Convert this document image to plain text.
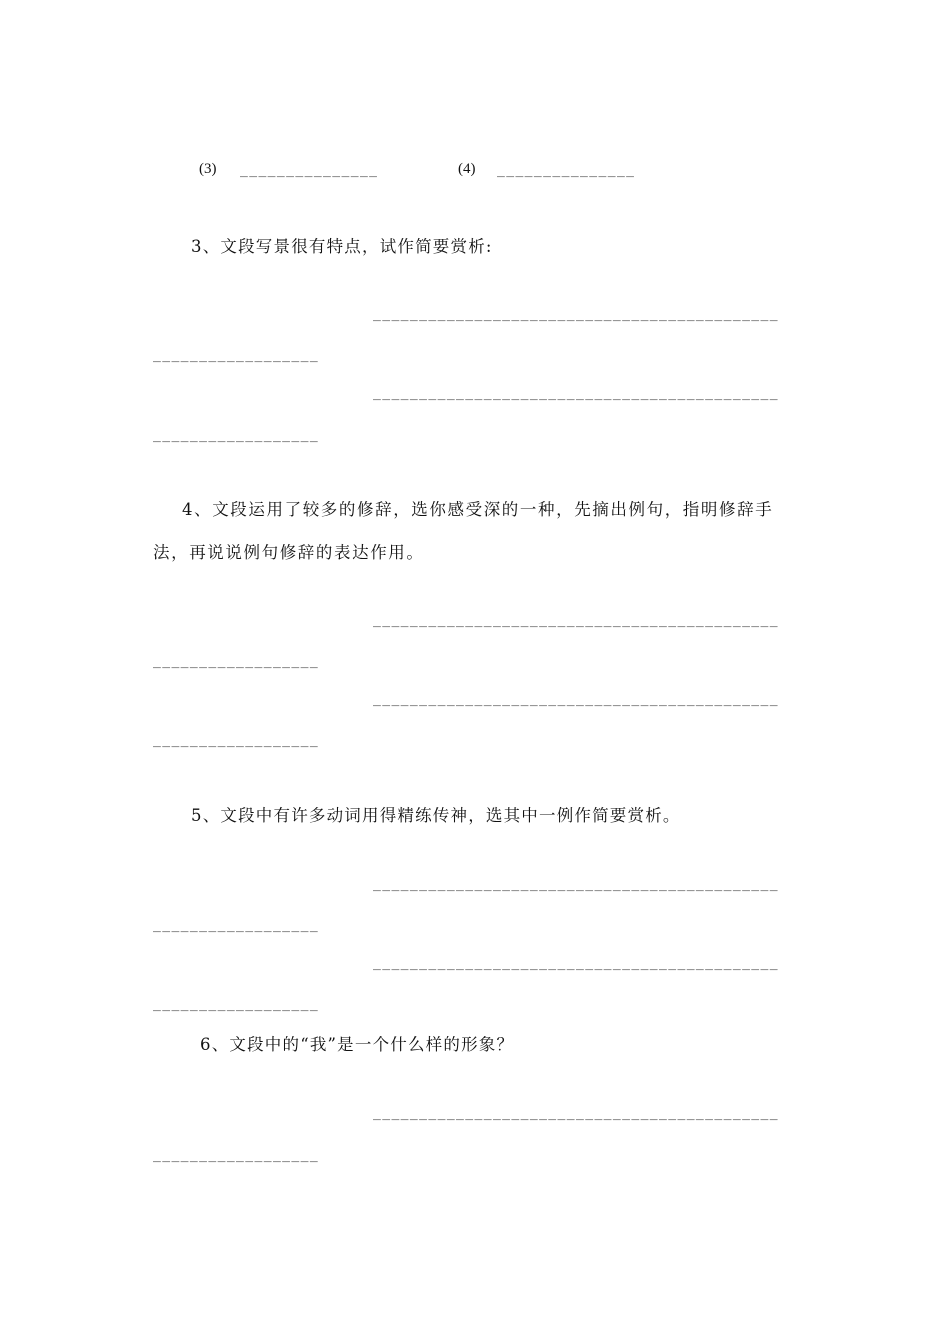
(3) _______________	(4) _______________
3、文段写景很有特点，试作简要赏析:
____________________________________________
__________________
____________________________________________
__________________
4、文段运用了较多的修辞，选你感受深的一种，先摘出例句，指明修辞手
法，再说说例句修辞的表达作用。
____________________________________________
__________________
____________________________________________
__________________
5、文段中有许多动词用得精练传神，选其中一例作简要赏析。
____________________________________________
__________________
____________________________________________
__________________
6、文段中的“我”是一个什么样的形象？
____________________________________________
__________________
